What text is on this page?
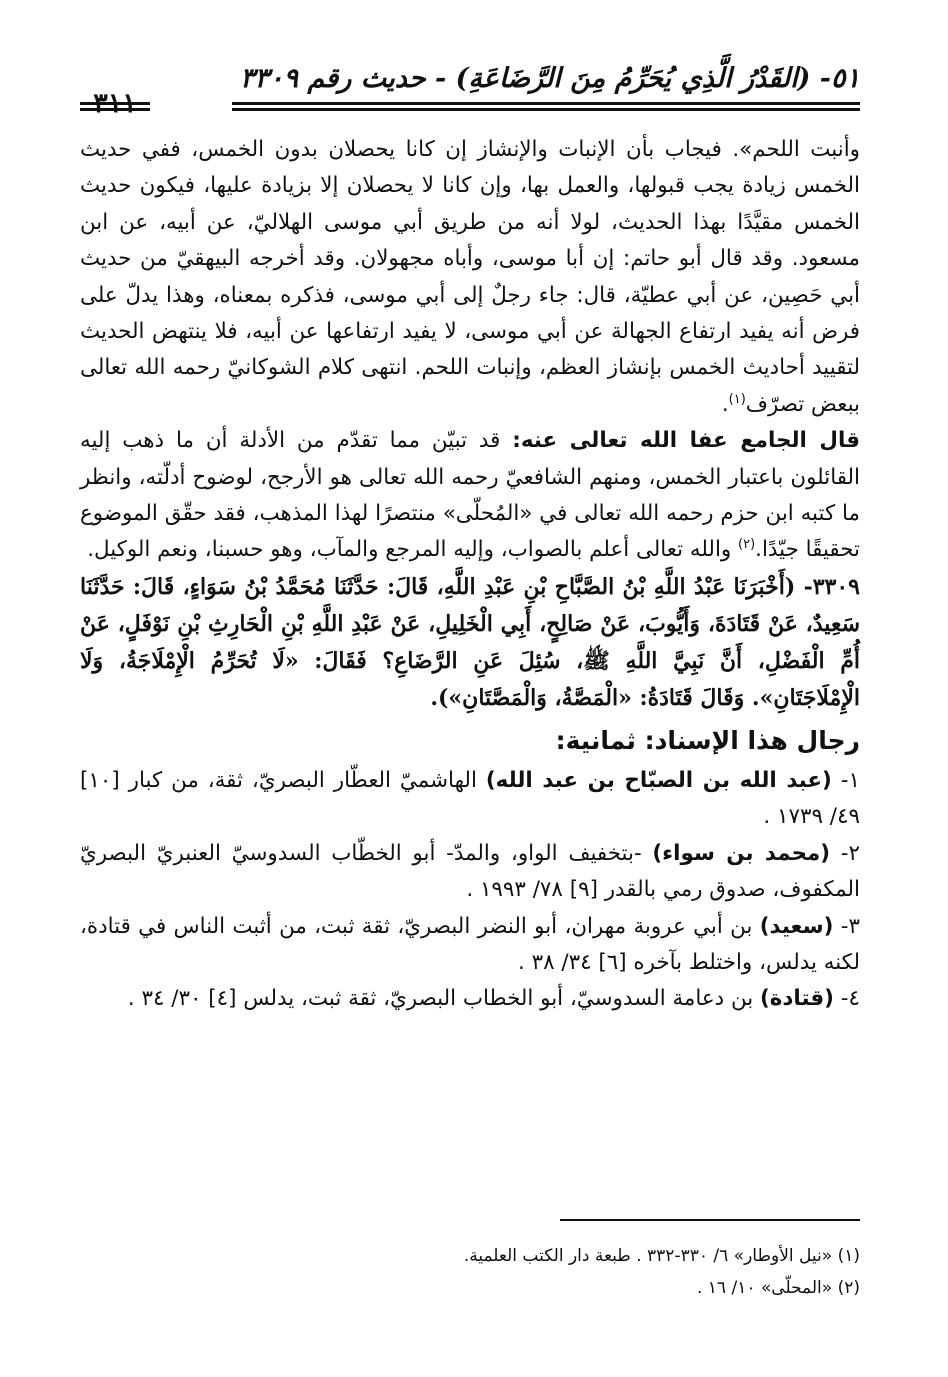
٥١- (القَدْرُ الَّذِي يُحَرِّمُ مِنَ الرَّضَاعَةِ) - حديث رقم ٣٣٠٩

وأنبت اللحم». فيجاب بأن الإنبات والإنشاز إن كانا يحصلان بدون الخمس، ففي حديث الخمس زيادة يجب قبولها، والعمل بها، وإن كانا لا يحصلان إلا بزيادة عليها، فيكون حديث الخمس مقيَّدًا بهذا الحديث، لولا أنه من طريق أبي موسى الهلاليّ، عن أبيه، عن ابن مسعود. وقد قال أبو حاتم: إن أبا موسى، وأباه مجهولان. وقد أخرجه البيهقيّ من حديث أبي حَصِين، عن أبي عطيّة، قال: جاء رجلٌ إلى أبي موسى، فذكره بمعناه، وهذا يدلّ على فرض أنه يفيد ارتفاع الجهالة عن أبي موسى، لا يفيد ارتفاعها عن أبيه، فلا ينتهض الحديث لتقييد أحاديث الخمس بإنشاز العظم، وإنبات اللحم. انتهى كلام الشوكانيّ رحمه الله تعالى ببعض تصرّف$^{(١)}$.

قال الجامع عفا الله تعالى عنه: قد تبيّن مما تقدّم من الأدلة أن ما ذهب إليه القائلون باعتبار الخمس، ومنهم الشافعيّ رحمه الله تعالى هو الأرجح، لوضوح أدلّته، وانظر ما كتبه ابن حزم رحمه الله تعالى في «المُحلّى» منتصرًا لهذا المذهب، فقد حقّق الموضوع تحقيقًا جيّدًا.$^{(٢)}$ والله تعالى أعلم بالصواب، وإليه المرجع والمآب، وهو حسبنا، ونعم الوكيل.

٣٣٠٩- (أَخْبَرَنَا عَبْدُ اللَّهِ بْنُ الصَّبَّاحِ بْنِ عَبْدِ اللَّهِ، قَالَ: حَدَّثَنَا مُحَمَّدُ بْنُ سَوَاءٍ، قَالَ: حَدَّثَنَا سَعِيدٌ، عَنْ قَتَادَةَ، وَأَيُّوبَ، عَنْ صَالِحٍ، أَبِي الْخَلِيلِ، عَنْ عَبْدِ اللَّهِ بْنِ الْحَارِثِ بْنِ نَوْفَلٍ، عَنْ أُمِّ الْفَضْلِ، أَنَّ نَبِيَّ اللَّهِ ﷺ، سُئِلَ عَنِ الرَّضَاعِ؟ فَقَالَ: «لَا تُحَرِّمُ الْإِمْلَاجَةُ، وَلَا الْإِمْلَاجَتَانِ». وَقَالَ قَتَادَةُ: «الْمَصَّةُ، وَالْمَصَّتَانِ»).

رجال هذا الإسناد: ثمانية:

١- (عبد الله بن الصبّاح بن عبد الله) الهاشميّ العطّار البصريّ، ثقة، من كبار [١٠] ٤٩/ ١٧٣٩ .

٢- (محمد بن سواء) -بتخفيف الواو، والمدّ- أبو الخطّاب السدوسيّ العنبريّ البصريّ المكفوف، صدوق رمي بالقدر [٩] ٧٨/ ١٩٩٣ .

٣- (سعيد) بن أبي عروبة مهران، أبو النضر البصريّ، ثقة ثبت، من أثبت الناس في قتادة، لكنه يدلس، واختلط بآخره [٦] ٣٤/ ٣٨ .

٤- (قتادة) بن دعامة السدوسيّ، أبو الخطاب البصريّ، ثقة ثبت، يدلس [٤] ٣٠/ ٣٤ .

(١) «نيل الأوطار» ٦/ ٣٣٠-٣٣٢ . طبعة دار الكتب العلمية.

(٢) «المحلّى» ١٠/ ١٦ .
